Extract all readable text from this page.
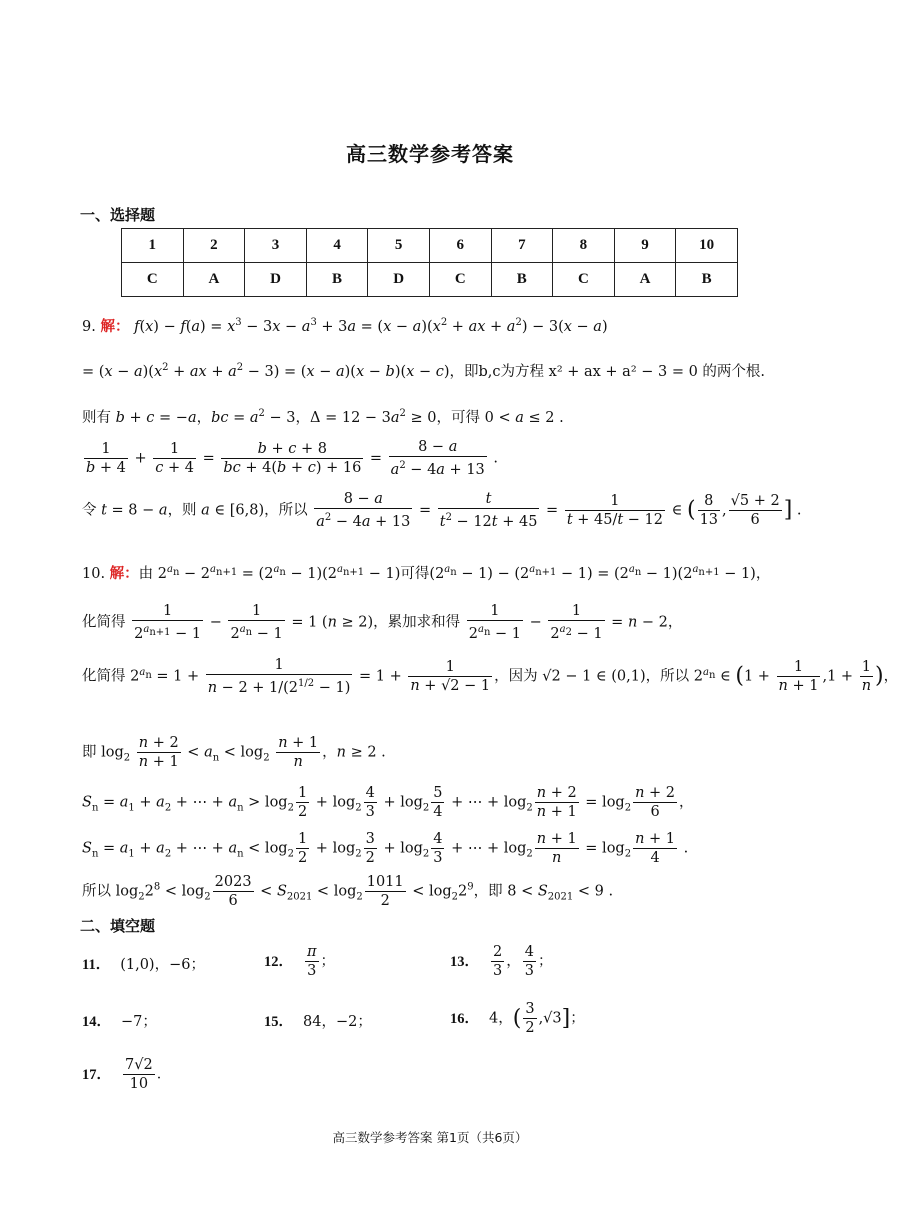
高三数学参考答案
一、选择题
1	2	3	4	5	6	7	8	9	10
C	A	D	B	D	C	B	C	A	B
9. 解： $f(x) - f(a) = x^3 - 3x - a^3 + 3a = (x - a)(x^2$ + ax + $a^2) - 3(x - a)$
= $(x - a)(x^2$ + ax + $a^2 - 3) = (x - a)(x - b)(x - c)$，即b,c为方程 x² + ax + a² − 3 = 0 的两个根.
则有 b + c = −a，bc = $a^2 - 3$，$\Delta = 12 - 3a^2 \ge 0$，可得 0 < a ≤ 2 .
$\frac{1}{b + 4} + \frac{1}{c + 4} = \frac{b + c + 8}{bc + 4(b + c) + 16} = \frac{8 - a}{a^2 - 4a + 13}$ .
令 t = 8 − a，则 a ∈ [6,8)，所以 $\frac{8 - a}{a^2 - 4a + 13} = \frac{t}{t^2 - 12t + 45} = \frac{1}{t + 45/t - 12}$ ∈ ( $\frac{8}{13}$ , $\frac{√5 + 2}{6}$ ] .
10. 解：由 $2^{a_n} - 2^{a_{n+1}} = (2^{a_n} - 1)(2^{a_{n+1}} - 1)$可得$(2^{a_n} - 1) - (2^{a_{n+1}} - 1) = (2^{a_n} - 1)(2^{a_{n+1}} - 1)$，
化简得 $\frac{1}{2^{a_{n+1}} - 1} - \frac{1}{2^{a_n} - 1} = 1$ (n ≥ 2)，累加求和得 $\frac{1}{2^{a_n} - 1} - \frac{1}{2^{a_2} - 1} = n - 2$，
化简得 $2^{a_n} = 1 + \frac{1}{n - 2 + 1/(2^{1/2} - 1)} = 1 + \frac{1}{n + √2 - 1}$ ，因为 √2 − 1 ∈ (0,1)，所以 $2^{a_n}$ ∈ ($1 + \frac{1}{n + 1} ,1 + \frac{1}{n}$ )，
即 $\log_2 \frac{n + 2}{n + 1} < a_n < \log_2 \frac{n + 1}{n}$ ，n ≥ 2 .
$S_n = a_1 + a_2$ + ⋯ + $a_n > \log_2 \frac{1}{2} + \log_2 \frac{4}{3} + \log_2 \frac{5}{4}$ + ⋯ + $\log_2 \frac{n + 2}{n + 1} = \log_2 \frac{n + 2}{6}$ ，
$S_n = a_1 + a_2$ + ⋯ + $a_n < \log_2 \frac{1}{2} + \log_2 \frac{3}{2} + \log_2 \frac{4}{3}$ + ⋯ + $\log_2 \frac{n + 1}{n} = \log_2 \frac{n + 1}{4}$ .
所以 $\log_22^8 < \log_2 \frac{2023}{6} < S_{2021} < \log_2 \frac{1011}{2} < \log_22^9$，即 $8 < S_{2021} < 9$ .
二、填空题
11． (1,0)，−6；	12． $\frac{\pi}{3}$ ；	13． $\frac{2}{3}$ ， $\frac{4}{3}$ ；
14． −7；	15． 84，−2；	16． 4，( $\frac{3}{2} ,√3$]；
17． $\frac{7√2}{10}$ ．
高三数学参考答案 第1页（共6页）
